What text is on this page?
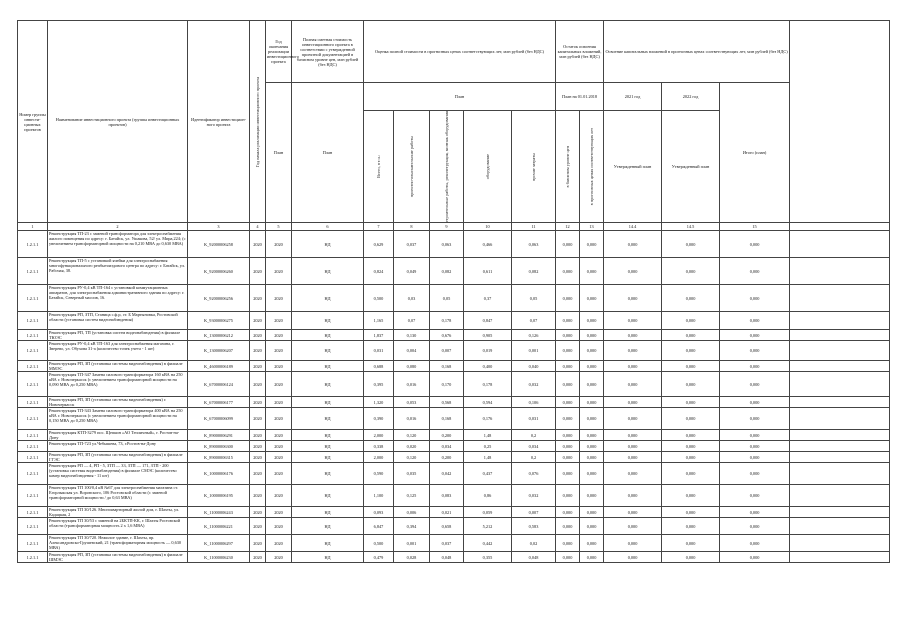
Номер группы инвести-ционных проектов	Наименование инвестиционного проекта (группы инвестиционных проектов)	Идентификатор инвестицион-ного проекта	Год начала реализации инвестиционного проекта	Год окончания реализации инвестиционного проекта	Полная сметная стоимость инвестиционного проекта в соответствии с утвержденной проектной документацией в базисном уровне цен, млн рублей (без НДС)	Оценка полной стоимости в прогнозных ценах соответствующих лет, млн рублей (без НДС)					Остаток освоения капитальных вложений, млн рублей (без НДС)		Освоение капитальных вложений в прогнозных ценах соответствующих лет, млн рублей (без НДС)			
				План	План	План					План на 01.01.2018		2021 год	2022 год	Итого (план)	

						Всего, в т.ч.:	проектно-изыскательские работы	строительные работы, реконструкция, монтаж оборудования	оборудование	прочие затраты	в базисном уровне цен	в прогнозных ценах соответствующих лет	Утвержденный план	Утвержденный план		
1	2	3	4	5	6	7	8	9	10	11	12	13	14.4	14.5	15	
1.2.1.1	Реконструкция ТП-23 с заменой трансформатора для электроснабжения жилого помещения по адресу: г. Батайск, ул. Ушакова, 52/ ул. Мира,224; (с увеличением трансформаторной мощности на 0,210 МВА до 0,630 МВА)	K_92000006258	2020	2020	НД	0,629	0,037	0,063	0,466	0,063	0,000	0,000	0,000	0,000	0,000	
1.2.1.1	Реконструкция ТП-5 с установкой ячейки для электроснабжения многофункционального репбытоиздового центра по адресу: г. Батайск, ул. Рабочая, 38.	K_92000006260	2020	2020	НД	0,824	0,049	0,082	0,611	0,082	0,000	0,000	0,000	0,000	0,000	
1.2.1.1	Реконструкция РУ-0,4 кВ ТП-164 с установкой коммутационных аппаратов, для электроснабжения административного здания по адресу: г. Батайск, Северный массив, 16.	K_92000006256	2020	2020	НД	0,500	0,03	0,05	0,37	0,05	0,000	0,000	0,000	0,000	0,000	
1.2.1.1	Реконструкция РП, ЗТП, Станица с.ф.р, ст. Б Мартыновка, Ростовской области (установка систем видеонаблюдения)	K_93000006275	2020	2020	НД	1,165	0,07	0,178	0,847	0,07	0,000	0,000	0,000	0,000	0,000	
1.2.1.1	Реконструкция РП, ТП (установка систем видеонаблюдения) в филиале ТЮЭС	K_13000006212	2020	2020	НД	1,837	0,130	0,676	0,905	0,126	0,000	0,000	0,000	0,000	0,000	
1.2.1.1	Реконструкция РУ-0,4 кВ ТП-163 для электроснабжения магазина, г. Зверево, ул. Обухова 31-а (количество точек учета - 1 шт)	K_13000006207	2020	2020	НД	0,031	0,004	0,007	0,019	0,001	0,000	0,000	0,000	0,000	0,000	
1.2.1.1	Реконструкция РП, ЗП (установка системы видеонаблюдения) в филиале ММЭС	K_46000006189	2020	2020	НД	0,688	0,080	0,168	0,400	0,040	0,000	0,000	0,000	0,000	0,000	
1.2.1.1	Реконструкция ТП-347 Замена силового трансформатора 160 кВА на 250 кВА г. Новочеркасск (с увеличением трансформаторной мощности на 0,090 МВА до 0,250 МВА)	K_67000006124	2020	2020	НД	0,395	0,016	0,170	0,178	0,032	0,000	0,000	0,000	0,000	0,000	
1.2.1.1	Реконструкция РП, ЗП (установка системы видеонаблюдения) г. Новочеркасск	K_67000006177	2020	2020	НД	1,320	0,053	0,568	0,594	0,106	0,000	0,000	0,000	0,000	0,000	
1.2.1.1	Реконструкция ТП-343 Замена силового трансформатора 400 кВА на 250 кВА г. Новочеркасск (с увеличением трансформаторной мощности на 0,150 МВА до 0,250 МВА)	K_67000006099	2020	2020	НД	0,390	0,016	0,168	0,176	0,031	0,000	0,000	0,000	0,000	0,000	
1.2.1.1	Реконструкция КТП-3279 пос. Щепкин «АО Тепличный», г. Ростов-на-Дону	K_89000006291	2020	2020	НД	2,000	0,120	0,200	1,48	0,2	0,000	0,000	0,000	0,000	0,000	
1.2.1.1	Реконструкция ТП-723 ул.Чебышева, 73, г.Ростов-на-Дону	K_89000006300	2020	2020	НД	0,338	0,020	0,034	0,25	0,034	0,000	0,000	0,000	0,000	0,000	
1.2.1.1	Реконструкция РП, ЗП (установка системы видеонаблюдения) в филиале ГГЭС	K_89000006315	2020	2020	НД	2,000	0,120	0,200	1,48	0,2	0,000	0,000	0,000	0,000	0,000	
1.2.1.1	Реконструкция РП — 4, РП - 5, ЗТП — 33, ЗТП — 171, ЗТП - 200 (установка системы видеонаблюдения) в филиале СМЭС (количество камер видеонаблюдения - 11 шт)	K_10000006176	2020	2020	НД	0,590	0,035	0,042	0,437	0,076	0,000	0,000	0,000	0,000	0,000	
1.2.1.1	Реконструкция ТП 100/0,4 кВ №67 для электроснабжения магазина ст. Егорлыкская ул. Воровского, 106 Ростовской области (с заменой трансформаторной мощности / до 0,63 МВА)	K_10000006195	2020	2020	НД	1,100	0,125	0,083	0,86	0,032	0,000	0,000	0,000	0,000	0,000	
1.2.1.1	Реконструкция ТП 30/126. Многоквартирный жилой дом, г. Шахты, ул. Кадацкая, 2	K_11000006243	2020	2020	НД	0,093	0,006	0,021	0,059	0,007	0,000	0,000	0,000	0,000	0,000	
1.2.1.1	Реконструкция ТП 30/53 с заменой на 2БКТП-КК, г. Шахты Ростовской области (трансформаторная мощность 2 х 1,6 МВА)	K_11000006221	2020	2020	НД	6,847	0,394	0,658	5,212	0,583	0,000	0,000	0,000	0,000	0,000	
1.2.1.1	Реконструкция ТП 30/720. Нежилое здание, г. Шахты, пр. Александровско-Грушевский, 21 (трансформаторная мощность — 0,630 МВА)	K_11000006297	2020	2020	НД	0,500	0,001	0,037	0,442	0,02	0,000	0,000	0,000	0,000	0,000	
1.2.1.1	Реконструкция РП, ЗП (установка системы видеонаблюдения) в филиале ШМЭС	K_11000006230	2020	2020	НД	0,479	0,028	0,048	0,355	0,048	0,000	0,000	0,000	0,000	0,000	
